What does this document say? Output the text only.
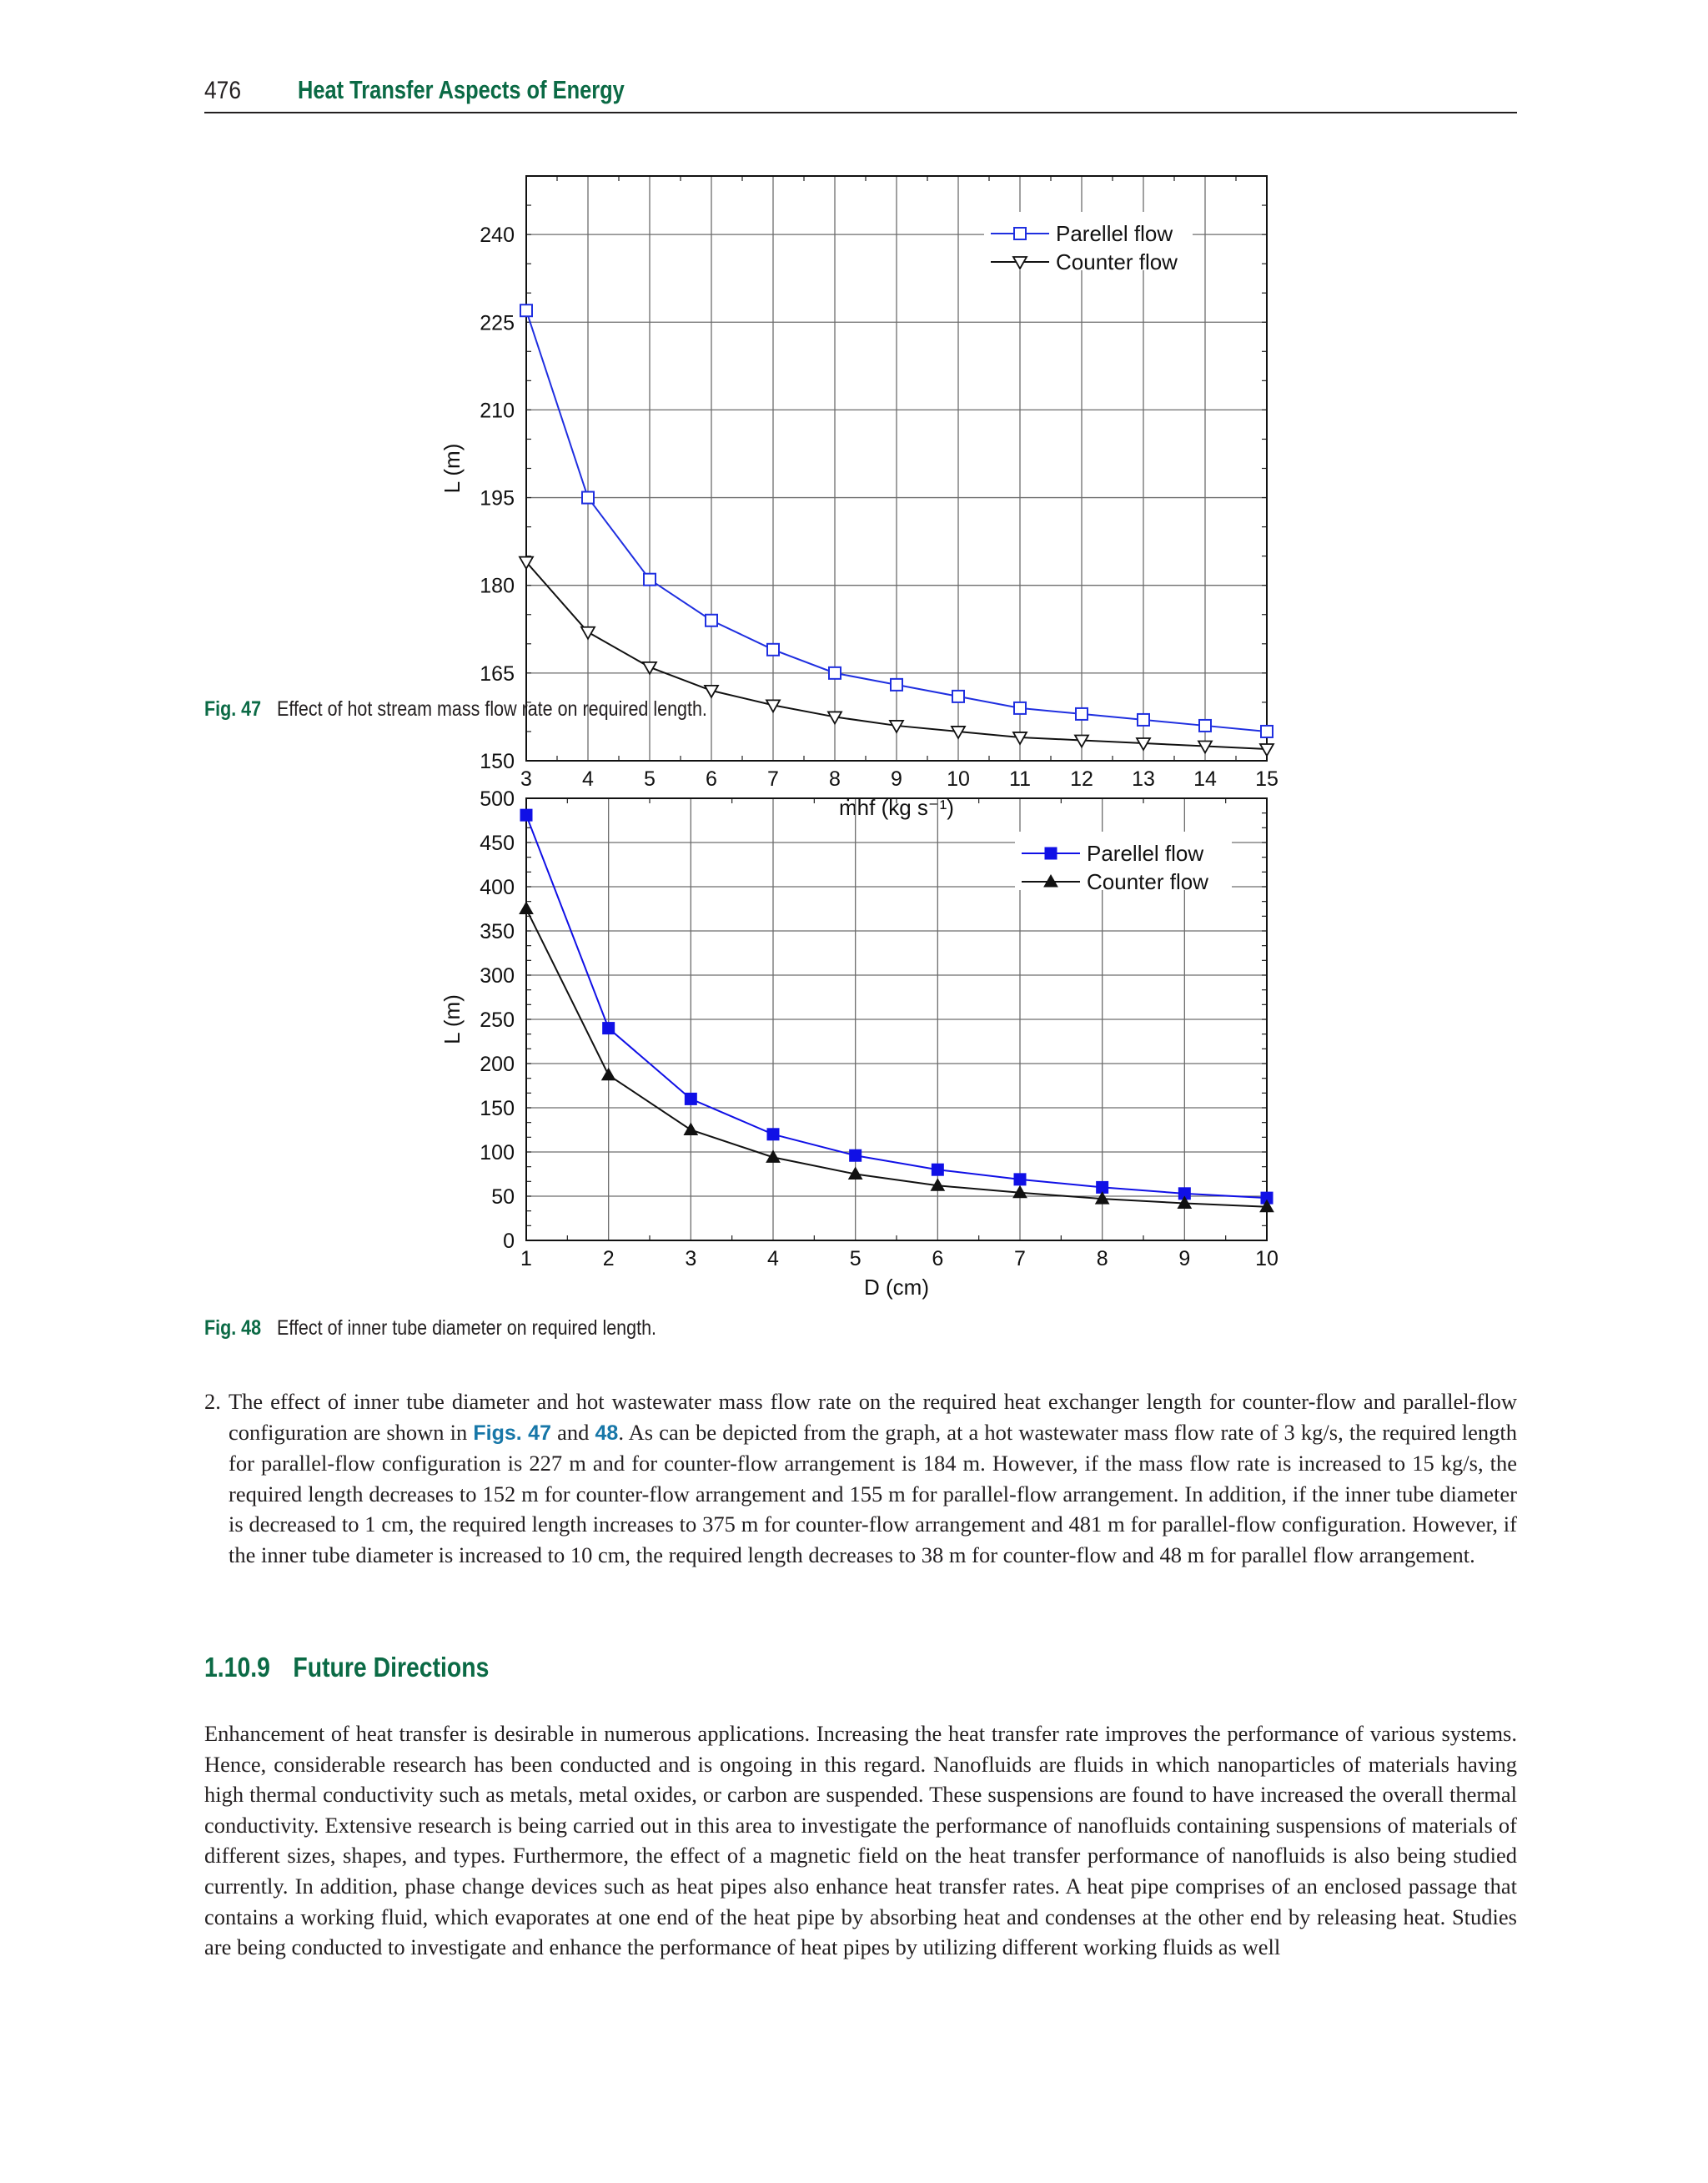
476 Heat Transfer Aspects of Energy
3 4 5 6 7 8 9 10 11 12 13 14 15
150
165
180
195
210
225
240
ṁhf (kg s⁻¹)
L (m)
Parellel flow
Counter flow
Fig. 47 Effect of hot stream mass flow rate on required length.
1	2	3	4	5	6	7	8	9	10
0
50
100
150
200
250
300
350
400
450
500
D (cm)
L (m)
Parellel flow
Counter flow
Fig. 48 Effect of inner tube diameter on required length.
2. The effect of inner tube diameter and hot wastewater mass flow rate on the required heat exchanger length for counter-flow and parallel-flow configuration are shown in Figs. 47 and 48. As can be depicted from the graph, at a hot wastewater mass flow rate of 3 kg/s, the required length for parallel-flow configuration is 227 m and for counter-flow arrangement is 184 m. However, if the mass flow rate is increased to 15 kg/s, the required length decreases to 152 m for counter-flow arrangement and 155 m for parallel-flow arrangement. In addition, if the inner tube diameter is decreased to 1 cm, the required length increases to 375 m for counter-flow arrangement and 481 m for parallel-flow configuration. However, if the inner tube diameter is increased to 10 cm, the required length decreases to 38 m for counter-flow and 48 m for parallel flow arrangement.

1.10.9 Future Directions

Enhancement of heat transfer is desirable in numerous applications. Increasing the heat transfer rate improves the performance of various systems. Hence, considerable research has been conducted and is ongoing in this regard. Nanofluids are fluids in which nanoparticles of materials having high thermal conductivity such as metals, metal oxides, or carbon are suspended. These suspensions are found to have increased the overall thermal conductivity. Extensive research is being carried out in this area to investigate the performance of nanofluids containing suspensions of materials of different sizes, shapes, and types. Furthermore, the effect of a magnetic field on the heat transfer performance of nanofluids is also being studied currently. In addition, phase change devices such as heat pipes also enhance heat transfer rates. A heat pipe comprises of an enclosed passage that contains a working fluid, which evaporates at one end of the heat pipe by absorbing heat and condenses at the other end by releasing heat. Studies are being conducted to investigate and enhance the performance of heat pipes by utilizing different working fluids as well
